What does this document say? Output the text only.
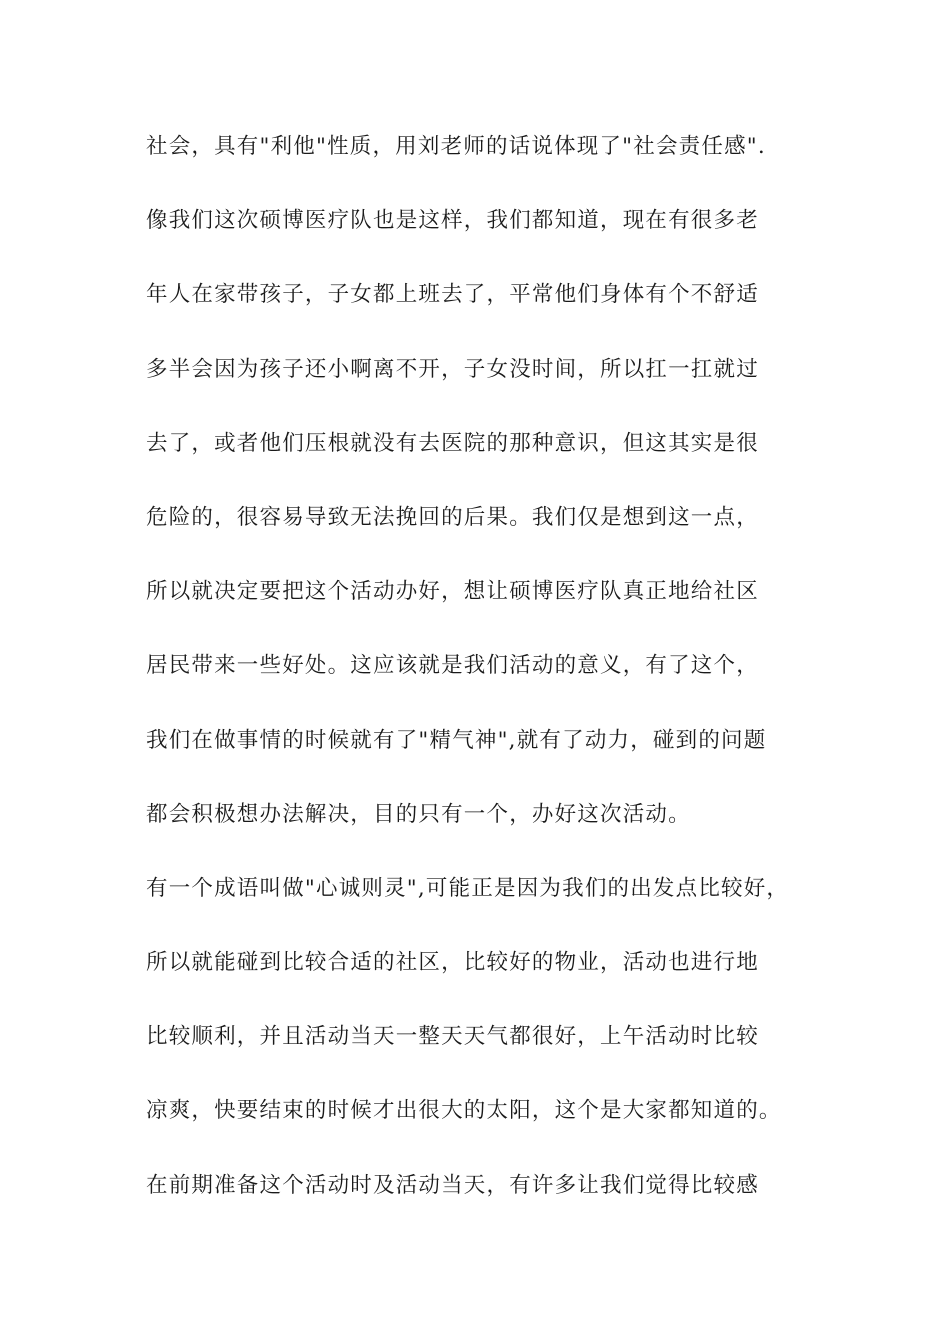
社会，具有"利他"性质，用刘老师的话说体现了"社会责任感".
像我们这次硕博医疗队也是这样，我们都知道，现在有很多老
年人在家带孩子，子女都上班去了，平常他们身体有个不舒适
多半会因为孩子还小啊离不开，子女没时间，所以扛一扛就过
去了，或者他们压根就没有去医院的那种意识，但这其实是很
危险的，很容易导致无法挽回的后果。我们仅是想到这一点，
所以就决定要把这个活动办好，想让硕博医疗队真正地给社区
居民带来一些好处。这应该就是我们活动的意义，有了这个，
我们在做事情的时候就有了"精气神",就有了动力，碰到的问题
都会积极想办法解决，目的只有一个，办好这次活动。
有一个成语叫做"心诚则灵",可能正是因为我们的出发点比较好，
所以就能碰到比较合适的社区，比较好的物业，活动也进行地
比较顺利，并且活动当天一整天天气都很好，上午活动时比较
凉爽，快要结束的时候才出很大的太阳，这个是大家都知道的。
在前期准备这个活动时及活动当天，有许多让我们觉得比较感
